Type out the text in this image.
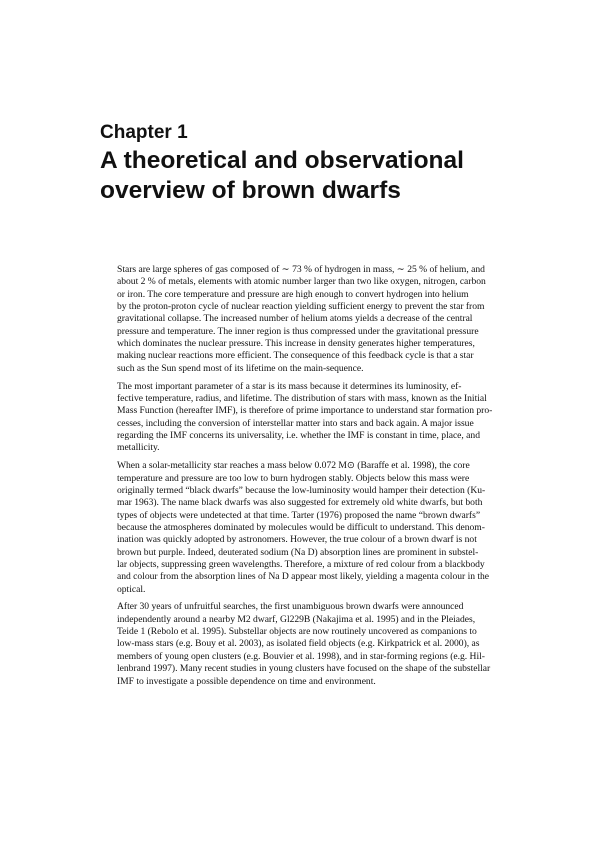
Chapter 1
A theoretical and observational
overview of brown dwarfs

Stars are large spheres of gas composed of ∼ 73 % of hydrogen in mass, ∼ 25 % of helium, and
about 2 % of metals, elements with atomic number larger than two like oxygen, nitrogen, carbon
or iron. The core temperature and pressure are high enough to convert hydrogen into helium
by the proton-proton cycle of nuclear reaction yielding sufficient energy to prevent the star from
gravitational collapse. The increased number of helium atoms yields a decrease of the central
pressure and temperature. The inner region is thus compressed under the gravitational pressure
which dominates the nuclear pressure. This increase in density generates higher temperatures,
making nuclear reactions more efficient. The consequence of this feedback cycle is that a star
such as the Sun spend most of its lifetime on the main-sequence.

The most important parameter of a star is its mass because it determines its luminosity, ef-
fective temperature, radius, and lifetime. The distribution of stars with mass, known as the Initial
Mass Function (hereafter IMF), is therefore of prime importance to understand star formation pro-
cesses, including the conversion of interstellar matter into stars and back again. A major issue
regarding the IMF concerns its universality, i.e. whether the IMF is constant in time, place, and
metallicity.

When a solar-metallicity star reaches a mass below 0.072 M⊙ (Baraffe et al. 1998), the core
temperature and pressure are too low to burn hydrogen stably. Objects below this mass were
originally termed “black dwarfs” because the low-luminosity would hamper their detection (Ku-
mar 1963). The name black dwarfs was also suggested for extremely old white dwarfs, but both
types of objects were undetected at that time. Tarter (1976) proposed the name “brown dwarfs”
because the atmospheres dominated by molecules would be difficult to understand. This denom-
ination was quickly adopted by astronomers. However, the true colour of a brown dwarf is not
brown but purple. Indeed, deuterated sodium (Na D) absorption lines are prominent in substel-
lar objects, suppressing green wavelengths. Therefore, a mixture of red colour from a blackbody
and colour from the absorption lines of Na D appear most likely, yielding a magenta colour in the
optical.

After 30 years of unfruitful searches, the first unambiguous brown dwarfs were announced
independently around a nearby M2 dwarf, Gl229B (Nakajima et al. 1995) and in the Pleiades,
Teide 1 (Rebolo et al. 1995). Substellar objects are now routinely uncovered as companions to
low-mass stars (e.g. Bouy et al. 2003), as isolated field objects (e.g. Kirkpatrick et al. 2000), as
members of young open clusters (e.g. Bouvier et al. 1998), and in star-forming regions (e.g. Hil-
lenbrand 1997). Many recent studies in young clusters have focused on the shape of the substellar
IMF to investigate a possible dependence on time and environment.
